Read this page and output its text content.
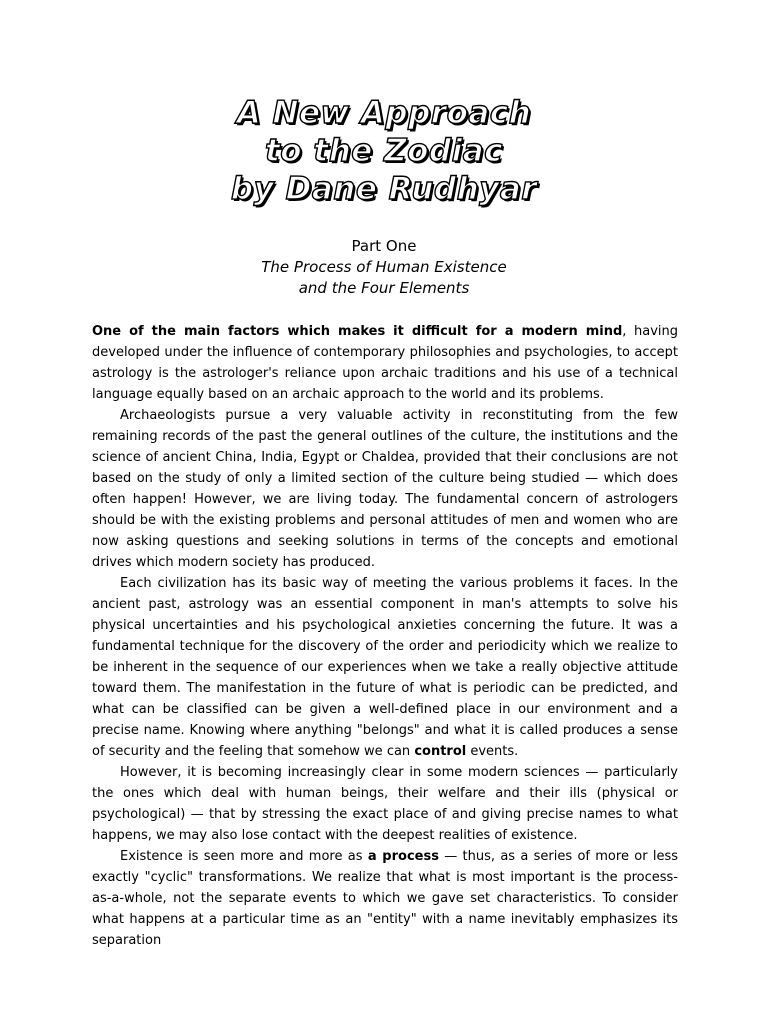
A New Approach
to the Zodiac
by Dane Rudhyar
Part One
The Process of Human Existence
and the Four Elements

One of the main factors which makes it difficult for a modern mind, having developed under the influence of contemporary philosophies and psychologies, to accept astrology is the astrologer's reliance upon archaic traditions and his use of a technical language equally based on an archaic approach to the world and its problems.

Archaeologists pursue a very valuable activity in reconstituting from the few remaining records of the past the general outlines of the culture, the institutions and the science of ancient China, India, Egypt or Chaldea, provided that their conclusions are not based on the study of only a limited section of the culture being studied — which does often happen! However, we are living today. The fundamental concern of astrologers should be with the existing problems and personal attitudes of men and women who are now asking questions and seeking solutions in terms of the concepts and emotional drives which modern society has produced.

Each civilization has its basic way of meeting the various problems it faces. In the ancient past, astrology was an essential component in man's attempts to solve his physical uncertainties and his psychological anxieties concerning the future. It was a fundamental technique for the discovery of the order and periodicity which we realize to be inherent in the sequence of our experiences when we take a really objective attitude toward them. The manifestation in the future of what is periodic can be predicted, and what can be classified can be given a well-defined place in our environment and a precise name. Knowing where anything "belongs" and what it is called produces a sense of security and the feeling that somehow we can control events.

However, it is becoming increasingly clear in some modern sciences — particularly the ones which deal with human beings, their welfare and their ills (physical or psychological) — that by stressing the exact place of and giving precise names to what happens, we may also lose contact with the deepest realities of existence.

Existence is seen more and more as a process — thus, as a series of more or less exactly "cyclic" transformations. We realize that what is most important is the process-as-a-whole, not the separate events to which we gave set characteristics. To consider what happens at a particular time as an "entity" with a name inevitably emphasizes its separation
